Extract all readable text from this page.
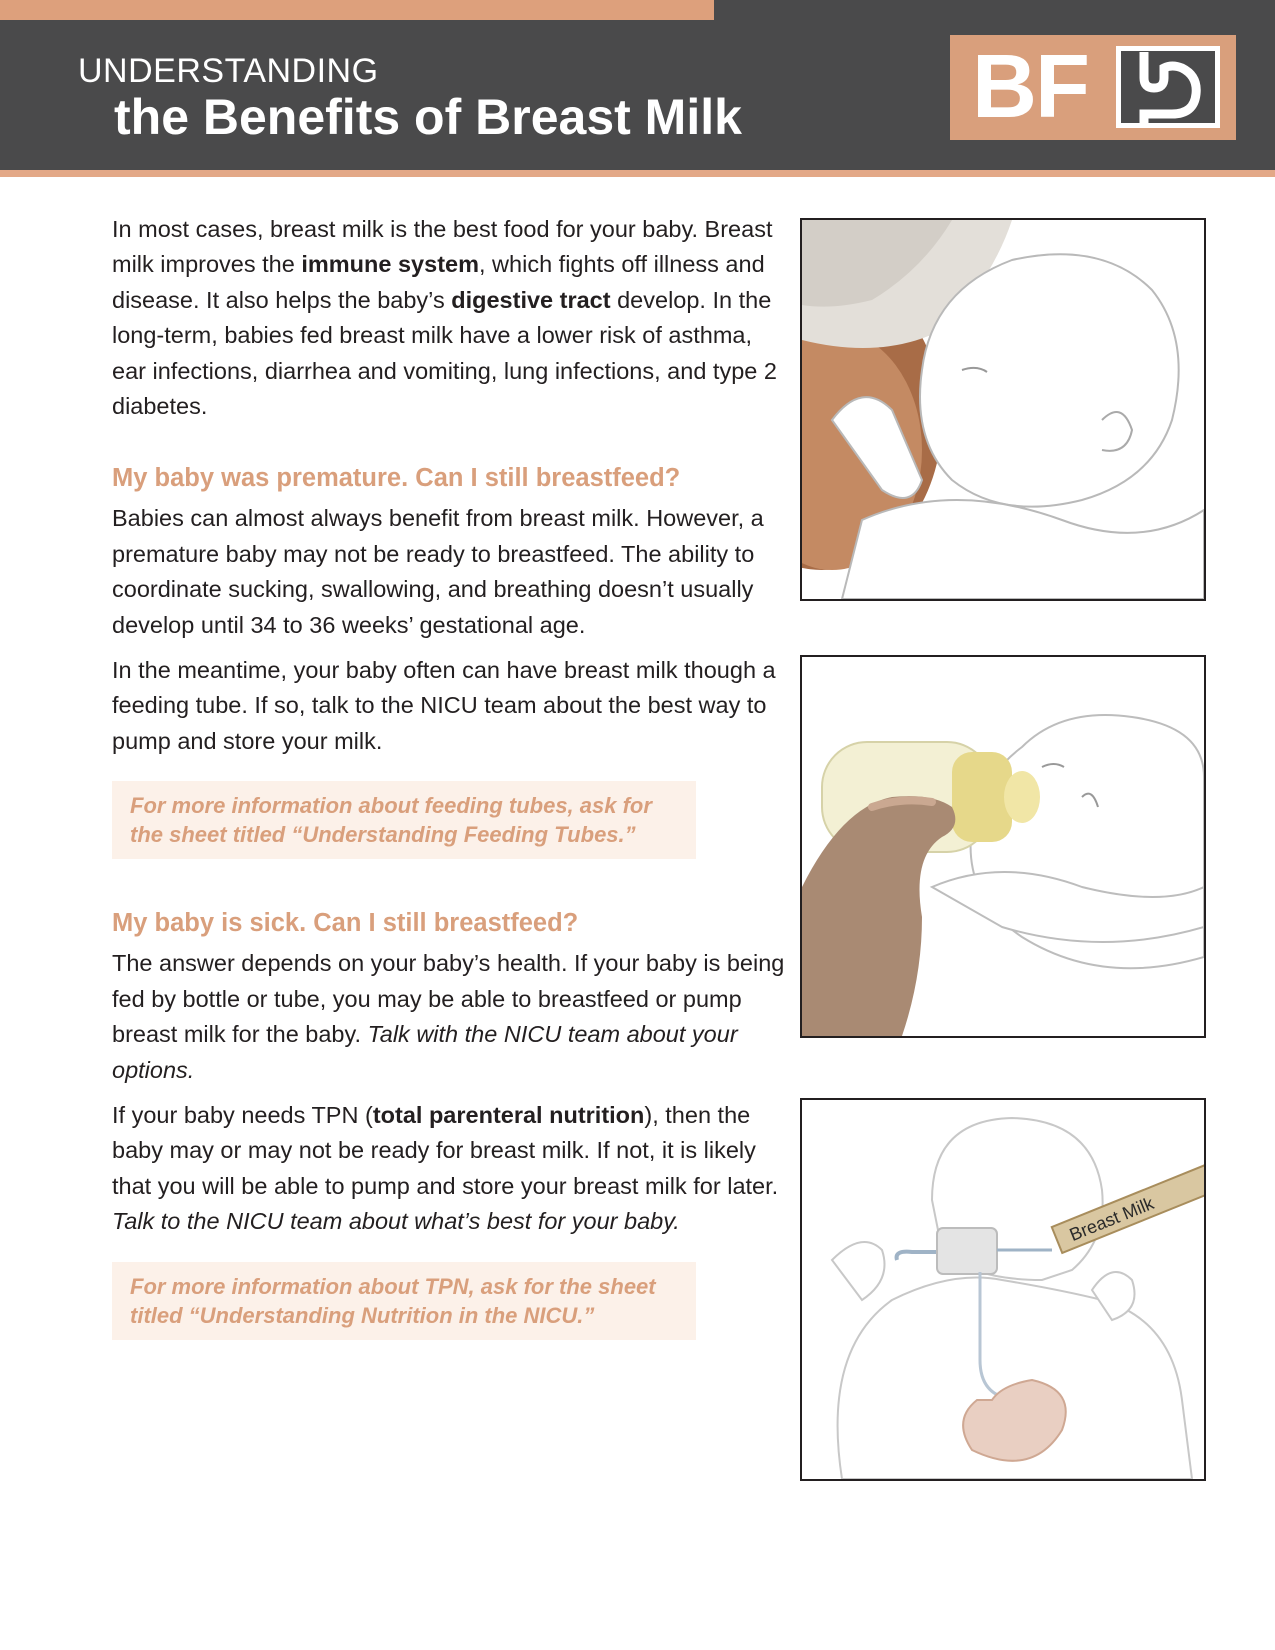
UNDERSTANDING
the Benefits of Breast Milk	BF

In most cases, breast milk is the best food for your baby. Breast milk improves the immune system, which fights off illness and disease. It also helps the baby’s digestive tract develop. In the long-term, babies fed breast milk have a lower risk of asthma, ear infections, diarrhea and vomiting, lung infections, and type 2 diabetes.

My baby was premature. Can I still breastfeed?

Babies can almost always benefit from breast milk. However, a premature baby may not be ready to breastfeed. The ability to coordinate sucking, swallowing, and breathing doesn’t usually develop until 34 to 36 weeks’ gestational age.

In the meantime, your baby often can have breast milk though a feeding tube. If so, talk to the NICU team about the best way to pump and store your milk.

For more information about feeding tubes, ask for the sheet titled “Understanding Feeding Tubes.”
My baby is sick. Can I still breastfeed?

The answer depends on your baby’s health. If your baby is being fed by bottle or tube, you may be able to breastfeed or pump breast milk for the baby. Talk with the NICU team about your options.

If your baby needs TPN (total parenteral nutrition), then the baby may or may not be ready for breast milk. If not, it is likely that you will be able to pump and store your breast milk for later. Talk to the NICU team about what’s best for your baby.

For more information about TPN, ask for the sheet titled “Understanding Nutrition in the NICU.”
Breast Milk
